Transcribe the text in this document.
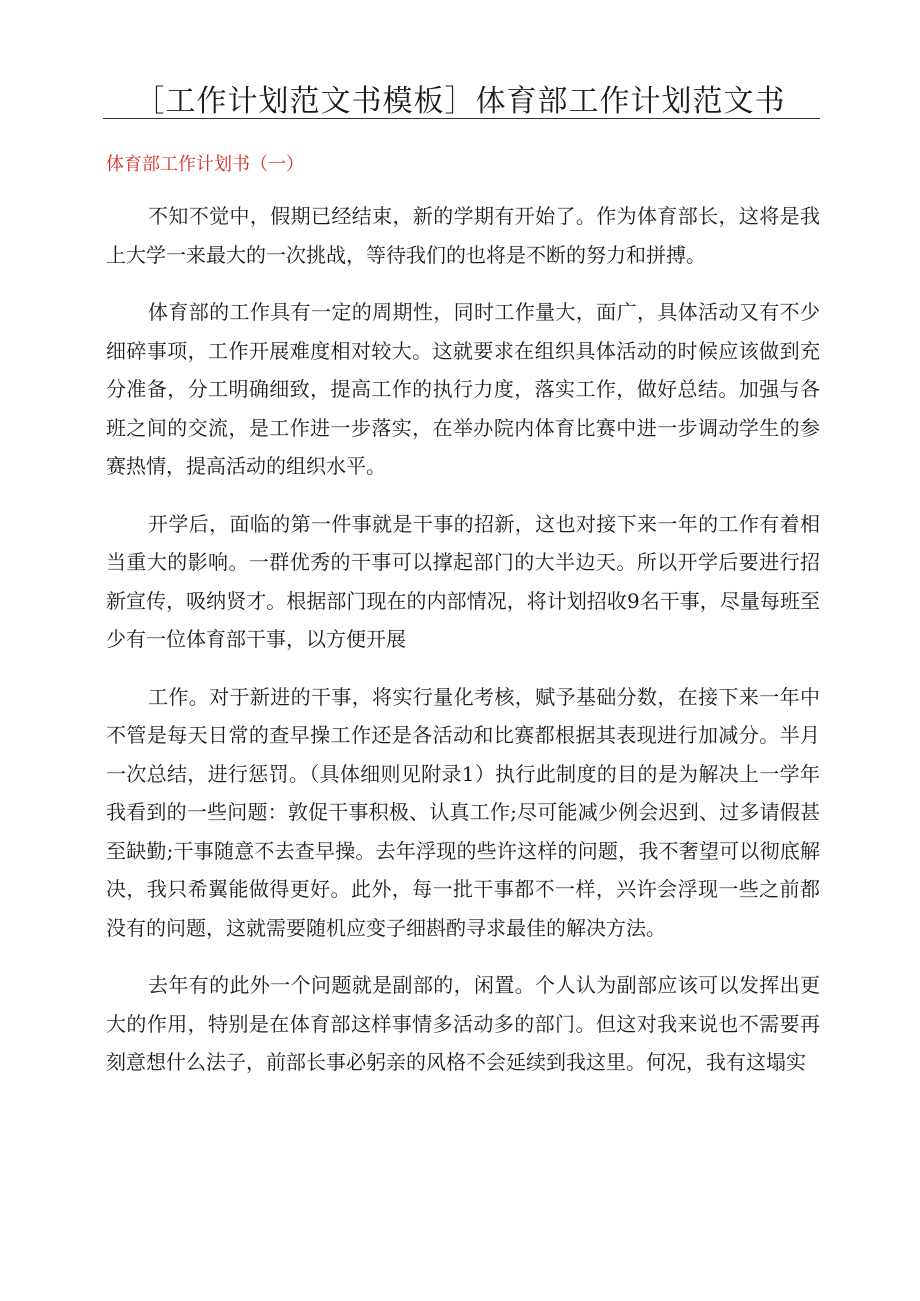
［工作计划范文书模板］体育部工作计划范文书
体育部工作计划书（一）

不知不觉中，假期已经结束，新的学期有开始了。作为体育部长，这将是我上大学一来最大的一次挑战，等待我们的也将是不断的努力和拼搏。

体育部的工作具有一定的周期性，同时工作量大，面广，具体活动又有不少细碎事项，工作开展难度相对较大。这就要求在组织具体活动的时候应该做到充分准备，分工明确细致，提高工作的执行力度，落实工作，做好总结。加强与各班之间的交流，是工作进一步落实，在举办院内体育比赛中进一步调动学生的参赛热情，提高活动的组织水平。

开学后，面临的第一件事就是干事的招新，这也对接下来一年的工作有着相当重大的影响。一群优秀的干事可以撑起部门的大半边天。所以开学后要进行招新宣传，吸纳贤才。根据部门现在的内部情况，将计划招收9名干事，尽量每班至少有一位体育部干事，以方便开展

工作。对于新进的干事，将实行量化考核，赋予基础分数，在接下来一年中不管是每天日常的查早操工作还是各活动和比赛都根据其表现进行加减分。半月一次总结，进行惩罚。（具体细则见附录1）执行此制度的目的是为解决上一学年我看到的一些问题：敦促干事积极、认真工作;尽可能减少例会迟到、过多请假甚至缺勤;干事随意不去查早操。去年浮现的些许这样的问题，我不奢望可以彻底解决，我只希翼能做得更好。此外，每一批干事都不一样，兴许会浮现一些之前都没有的问题，这就需要随机应变子细斟酌寻求最佳的解决方法。

去年有的此外一个问题就是副部的，闲置。个人认为副部应该可以发挥出更大的作用，特别是在体育部这样事情多活动多的部门。但这对我来说也不需要再刻意想什么法子，前部长事必躬亲的风格不会延续到我这里。何况，我有这塌实
